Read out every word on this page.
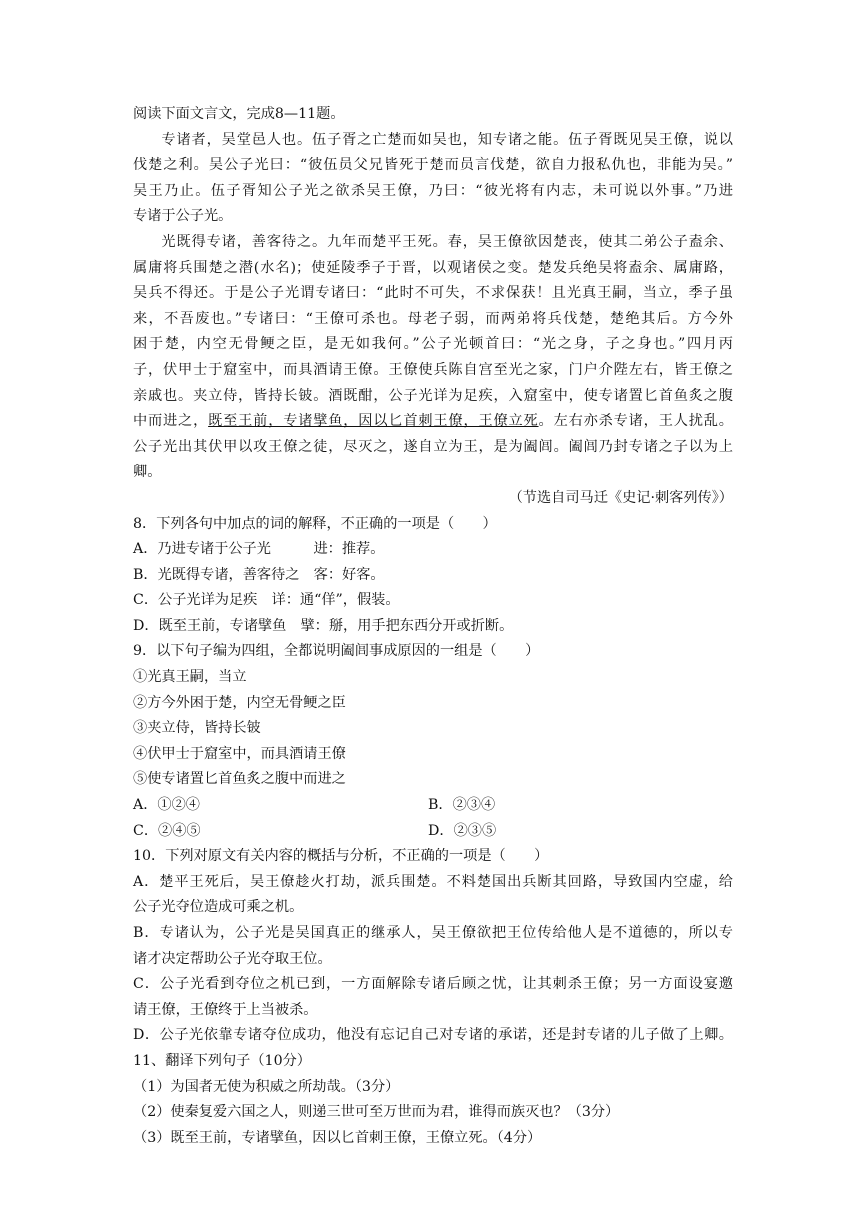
阅读下面文言文，完成8—11题。
专诸者，吴堂邑人也。伍子胥之亡楚而如吴也，知专诸之能。伍子胥既见吴王僚，说以
伐楚之利。吴公子光曰：“彼伍员父兄皆死于楚而员言伐楚，欲自力报私仇也，非能为吴。”
吴王乃止。伍子胥知公子光之欲杀吴王僚，乃曰：“彼光将有内志，未可说以外事。”乃进
专诸于公子光。
光既得专诸，善客待之。九年而楚平王死。春，吴王僚欲因楚丧，使其二弟公子盍余、
属庸将兵围楚之潜(水名)；使延陵季子于晋，以观诸侯之变。楚发兵绝吴将盍余、属庸路，
吴兵不得还。于是公子光谓专诸曰：“此时不可失，不求保获！且光真王嗣，当立，季子虽
来，不吾废也。”专诸曰：“王僚可杀也。母老子弱，而两弟将兵伐楚，楚绝其后。方今外
困于楚，内空无骨鲠之臣，是无如我何。”公子光顿首曰：“光之身，子之身也。”四月丙
子，伏甲士于窟室中，而具酒请王僚。王僚使兵陈自宫至光之家，门户介陛左右，皆王僚之
亲戚也。夹立侍，皆持长铍。酒既酣，公子光详为足疾，入窟室中，使专诸置匕首鱼炙之腹
中而进之，既至王前，专诸擘鱼，因以匕首刺王僚，王僚立死。左右亦杀专诸，王人扰乱。
公子光出其伏甲以攻王僚之徒，尽灭之，遂自立为王，是为阖闾。阖闾乃封专诸之子以为上
卿。
（节选自司马迁《史记·刺客列传》）
8．下列各句中加点的词的解释，不正确的一项是（　　）
A．乃进专诸于公子光　　　进：推荐。
B．光既得专诸，善客待之　客：好客。
C．公子光详为足疾　详：通“佯”，假装。
D．既至王前，专诸擘鱼　擘：掰，用手把东西分开或折断。
9．以下句子编为四组，全都说明阖闾事成原因的一组是（　　）
①光真王嗣，当立
②方今外困于楚，内空无骨鲠之臣
③夹立侍，皆持长铍
④伏甲士于窟室中，而具酒请王僚
⑤使专诸置匕首鱼炙之腹中而进之
A．①②④	B．②③④
C．②④⑤	D．②③⑤
10．下列对原文有关内容的概括与分析，不正确的一项是（　　）
A．楚平王死后，吴王僚趁火打劫，派兵围楚。不料楚国出兵断其回路，导致国内空虚，给
公子光夺位造成可乘之机。
B．专诸认为，公子光是吴国真正的继承人，吴王僚欲把王位传给他人是不道德的，所以专
诸才决定帮助公子光夺取王位。
C．公子光看到夺位之机已到，一方面解除专诸后顾之忧，让其刺杀王僚；另一方面设宴邀
请王僚，王僚终于上当被杀。
D．公子光依靠专诸夺位成功，他没有忘记自己对专诸的承诺，还是封专诸的儿子做了上卿。
11、翻译下列句子（10分）
（1）为国者无使为积威之所劫哉。（3分）
（2）使秦复爱六国之人，则递三世可至万世而为君，谁得而族灭也？（3分）
（3）既至王前，专诸擘鱼，因以匕首刺王僚，王僚立死。（4分）
